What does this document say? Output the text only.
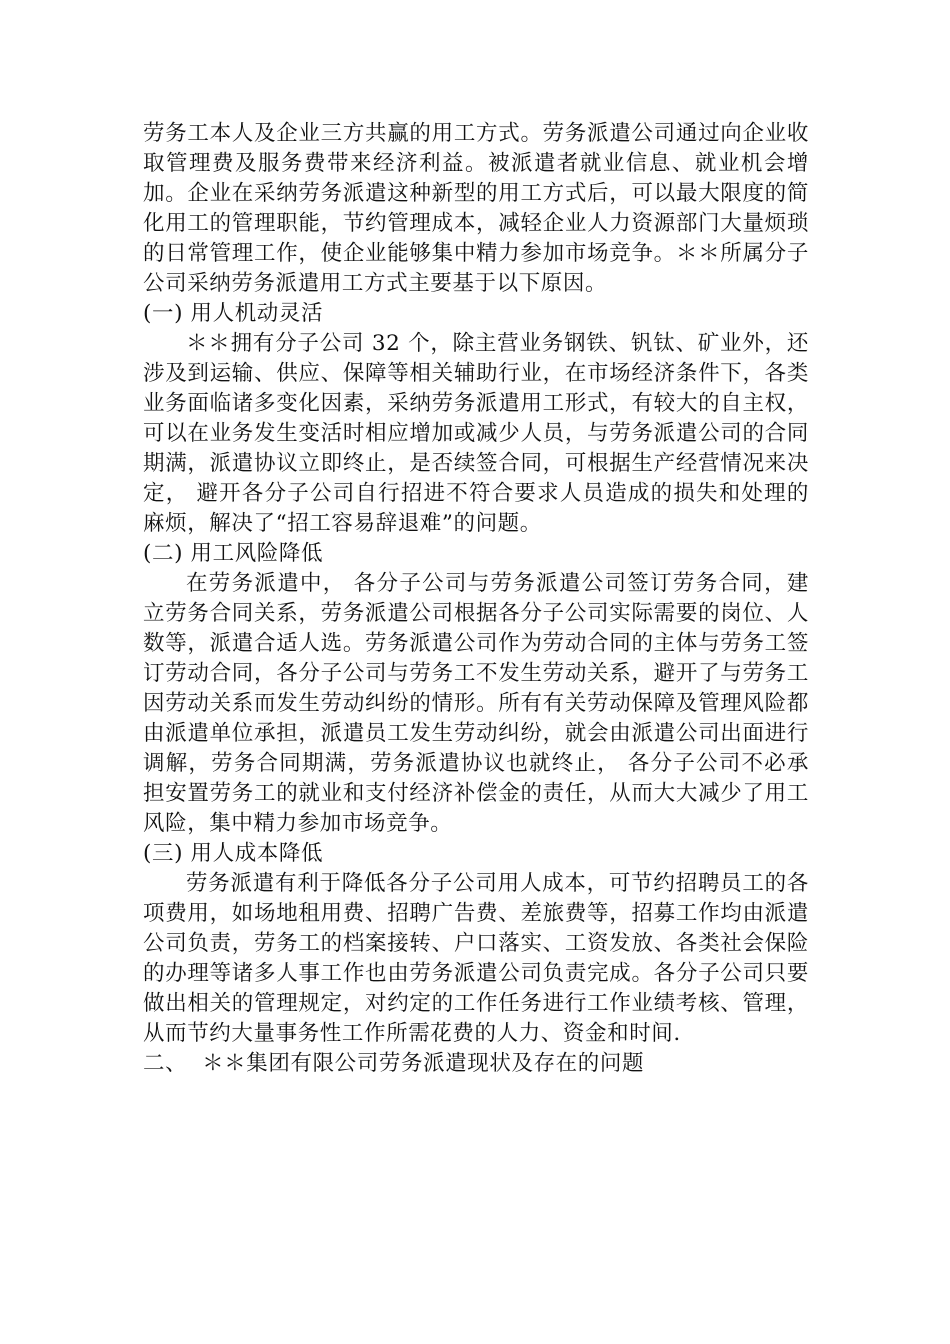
劳务工本人及企业三方共赢的用工方式。劳务派遣公司通过向企业收取管理费及服务费带来经济利益。被派遣者就业信息、就业机会增加。企业在采纳劳务派遣这种新型的用工方式后，可以最大限度的简化用工的管理职能，节约管理成本，减轻企业人力资源部门大量烦琐的日常管理工作，使企业能够集中精力参加市场竞争。＊＊所属分子公司采纳劳务派遣用工方式主要基于以下原因。

(一) 用人机动灵活

＊＊拥有分子公司 32 个，除主营业务钢铁、钒钛、矿业外，还涉及到运输、供应、保障等相关辅助行业，在市场经济条件下，各类业务面临诸多变化因素，采纳劳务派遣用工形式，有较大的自主权，可以在业务发生变活时相应增加或减少人员，与劳务派遣公司的合同期满，派遣协议立即终止，是否续签合同，可根据生产经营情况来决定， 避开各分子公司自行招进不符合要求人员造成的损失和处理的麻烦，解决了“招工容易辞退难”的问题。

(二) 用工风险降低

在劳务派遣中， 各分子公司与劳务派遣公司签订劳务合同，建立劳务合同关系，劳务派遣公司根据各分子公司实际需要的岗位、人数等，派遣合适人选。劳务派遣公司作为劳动合同的主体与劳务工签订劳动合同，各分子公司与劳务工不发生劳动关系，避开了与劳务工因劳动关系而发生劳动纠纷的情形。所有有关劳动保障及管理风险都由派遣单位承担，派遣员工发生劳动纠纷，就会由派遣公司出面进行调解，劳务合同期满，劳务派遣协议也就终止， 各分子公司不必承担安置劳务工的就业和支付经济补偿金的责任，从而大大减少了用工风险，集中精力参加市场竞争。

(三) 用人成本降低

劳务派遣有利于降低各分子公司用人成本，可节约招聘员工的各项费用，如场地租用费、招聘广告费、差旅费等，招募工作均由派遣公司负责，劳务工的档案接转、户口落实、工资发放、各类社会保险的办理等诸多人事工作也由劳务派遣公司负责完成。各分子公司只要做出相关的管理规定，对约定的工作任务进行工作业绩考核、管理，从而节约大量事务性工作所需花费的人力、资金和时间.

二、  ＊＊集团有限公司劳务派遣现状及存在的问题
